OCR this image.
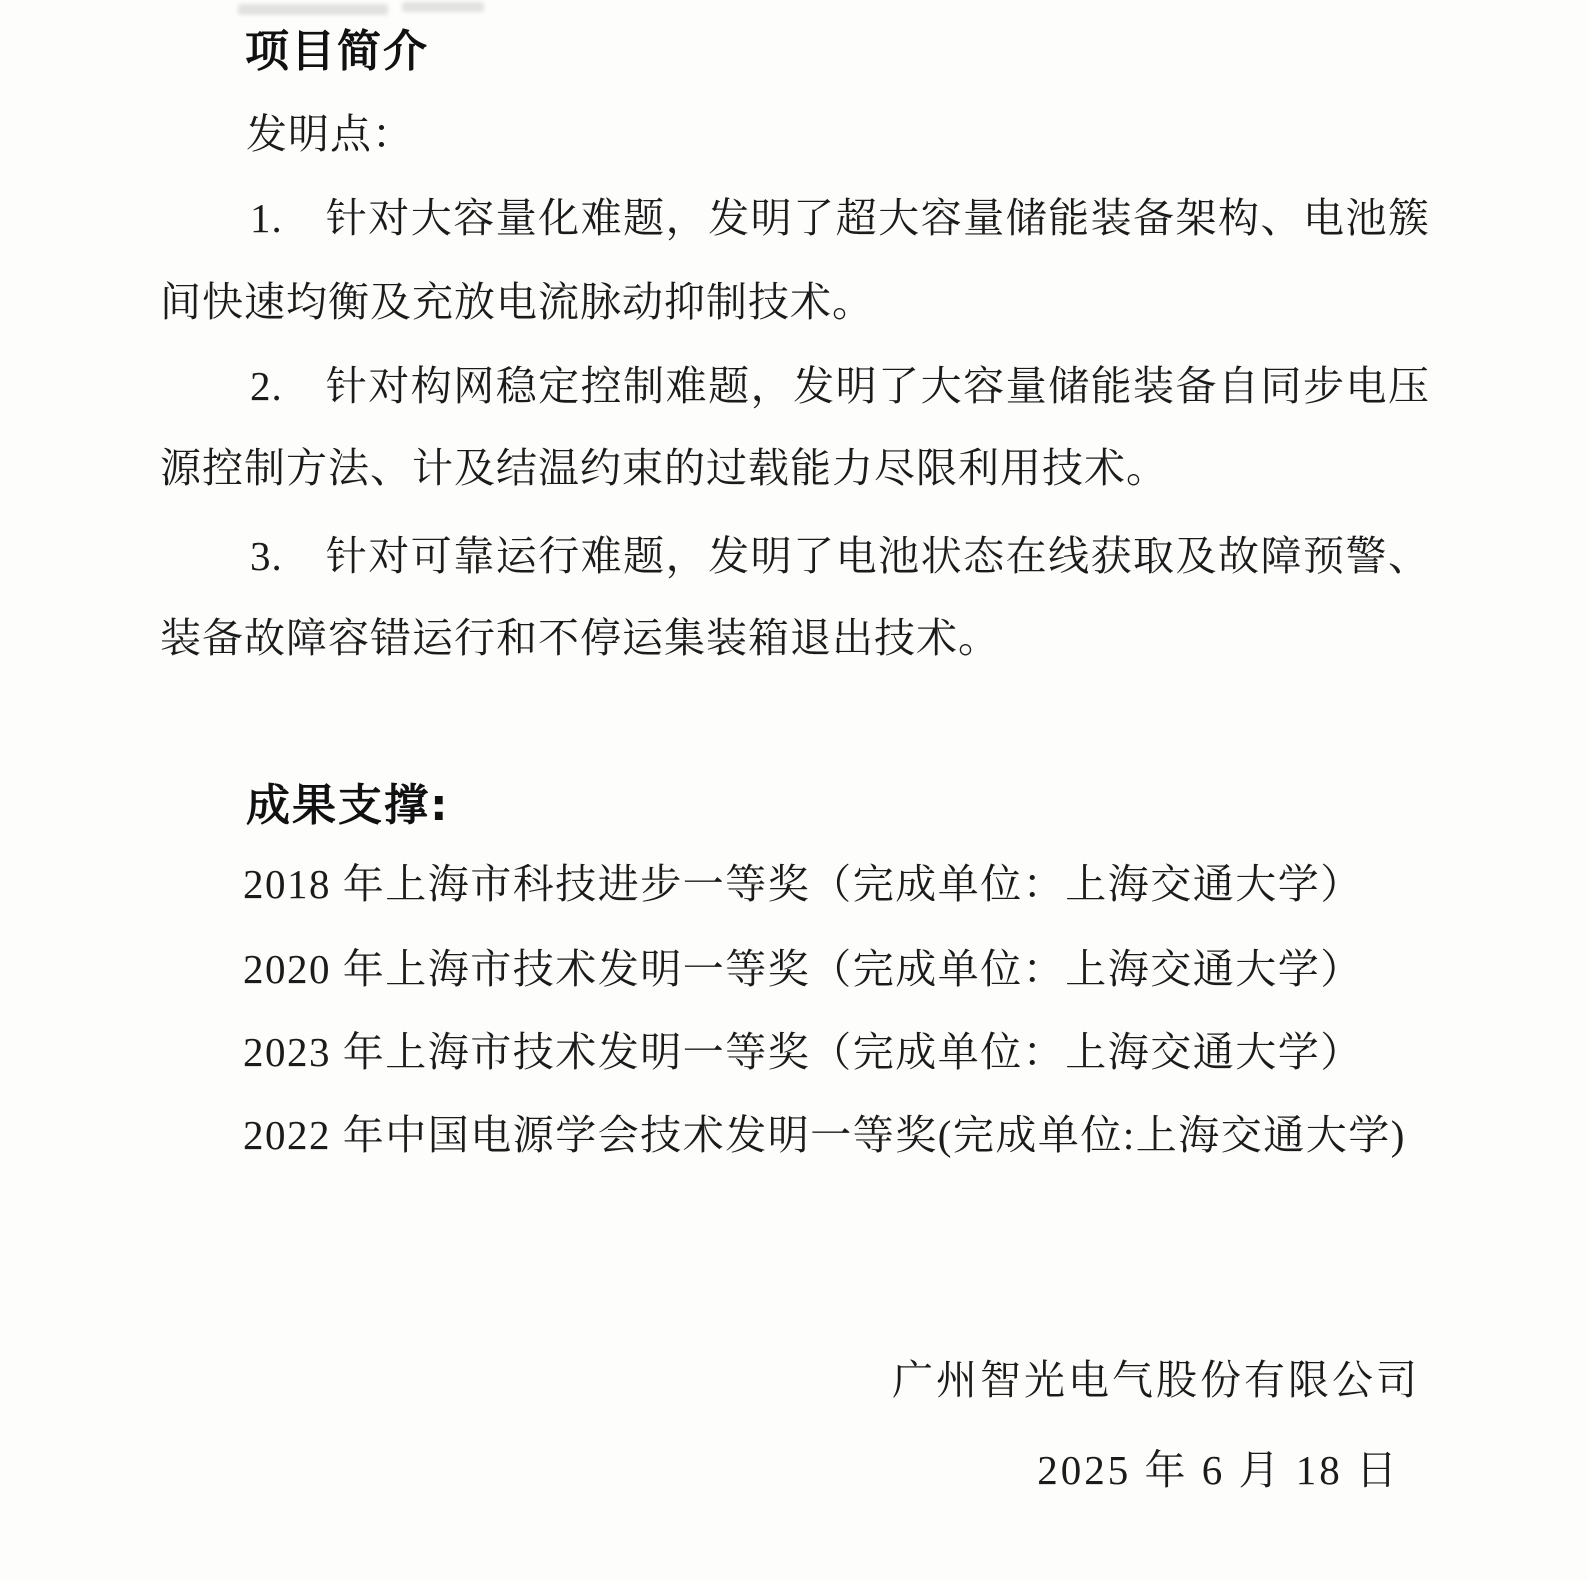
项目简介
发明点：
1.　针对大容量化难题，发明了超大容量储能装备架构、电池簇
间快速均衡及充放电流脉动抑制技术。
2.　针对构网稳定控制难题，发明了大容量储能装备自同步电压
源控制方法、计及结温约束的过载能力尽限利用技术。
3.　针对可靠运行难题，发明了电池状态在线获取及故障预警、
装备故障容错运行和不停运集装箱退出技术。
成果支撑:
2018 年上海市科技进步一等奖（完成单位：上海交通大学）
2020 年上海市技术发明一等奖（完成单位：上海交通大学）
2023 年上海市技术发明一等奖（完成单位：上海交通大学）
2022 年中国电源学会技术发明一等奖(完成单位:上海交通大学)
广州智光电气股份有限公司
2025 年 6 月 18 日
